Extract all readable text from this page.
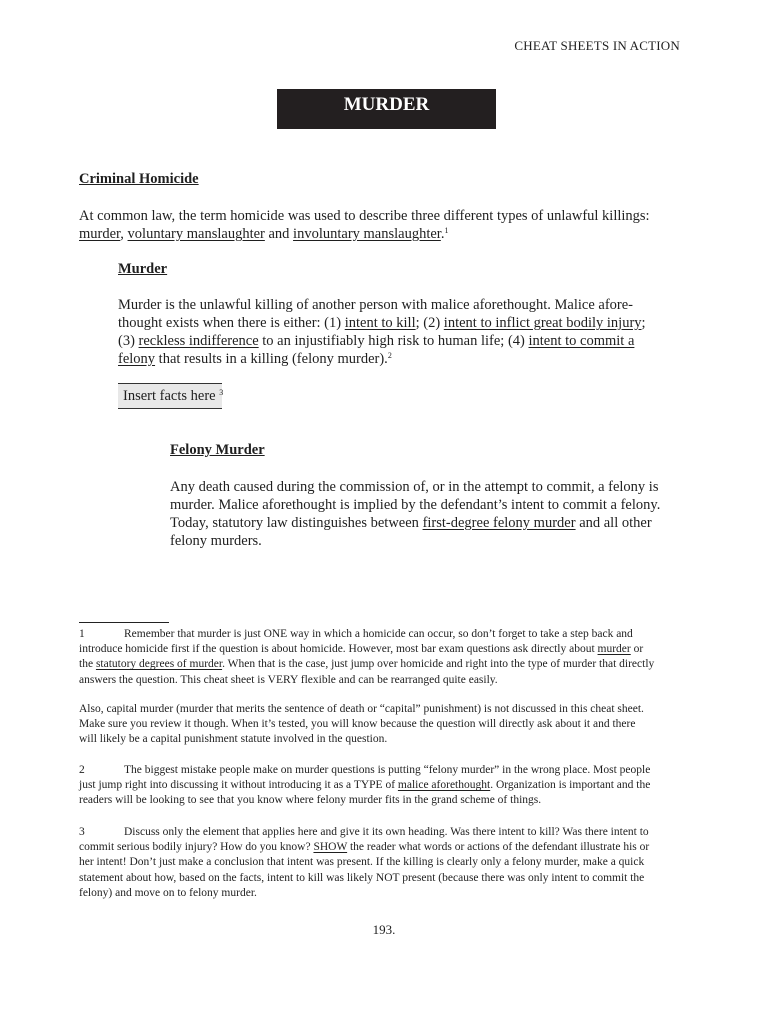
CHEAT SHEETS IN ACTION
MURDER
Criminal Homicide
At common law, the term homicide was used to describe three different types of unlawful killings:
murder, voluntary manslaughter and involuntary manslaughter.$^1$
Murder
Murder is the unlawful killing of another person with malice aforethought. Malice afore-
thought exists when there is either: (1) intent to kill; (2) intent to inflict great bodily injury;
(3) reckless indifference to an injustifiably high risk to human life; (4) intent to commit a
felony that results in a killing (felony murder).$^2$
Insert facts here $^3$
Felony Murder
Any death caused during the commission of, or in the attempt to commit, a felony is
murder. Malice aforethought is implied by the defendant’s intent to commit a felony.
Today, statutory law distinguishes between first-degree felony murder and all other
felony murders.
1	Remember that murder is just ONE way in which a homicide can occur, so don’t forget to take a step back and
introduce homicide first if the question is about homicide. However, most bar exam questions ask directly about murder or
the statutory degrees of murder. When that is the case, just jump over homicide and right into the type of murder that directly
answers the question. This cheat sheet is VERY flexible and can be rearranged quite easily.
Also, capital murder (murder that merits the sentence of death or “capital” punishment) is not discussed in this cheat sheet.
Make sure you review it though. When it’s tested, you will know because the question will directly ask about it and there
will likely be a capital punishment statute involved in the question.
2	The biggest mistake people make on murder questions is putting “felony murder” in the wrong place. Most people
just jump right into discussing it without introducing it as a TYPE of malice aforethought. Organization is important and the
readers will be looking to see that you know where felony murder fits in the grand scheme of things.
3	Discuss only the element that applies here and give it its own heading. Was there intent to kill? Was there intent to
commit serious bodily injury? How do you know? SHOW the reader what words or actions of the defendant illustrate his or
her intent! Don’t just make a conclusion that intent was present. If the killing is clearly only a felony murder, make a quick
statement about how, based on the facts, intent to kill was likely NOT present (because there was only intent to commit the
felony) and move on to felony murder.
193.
